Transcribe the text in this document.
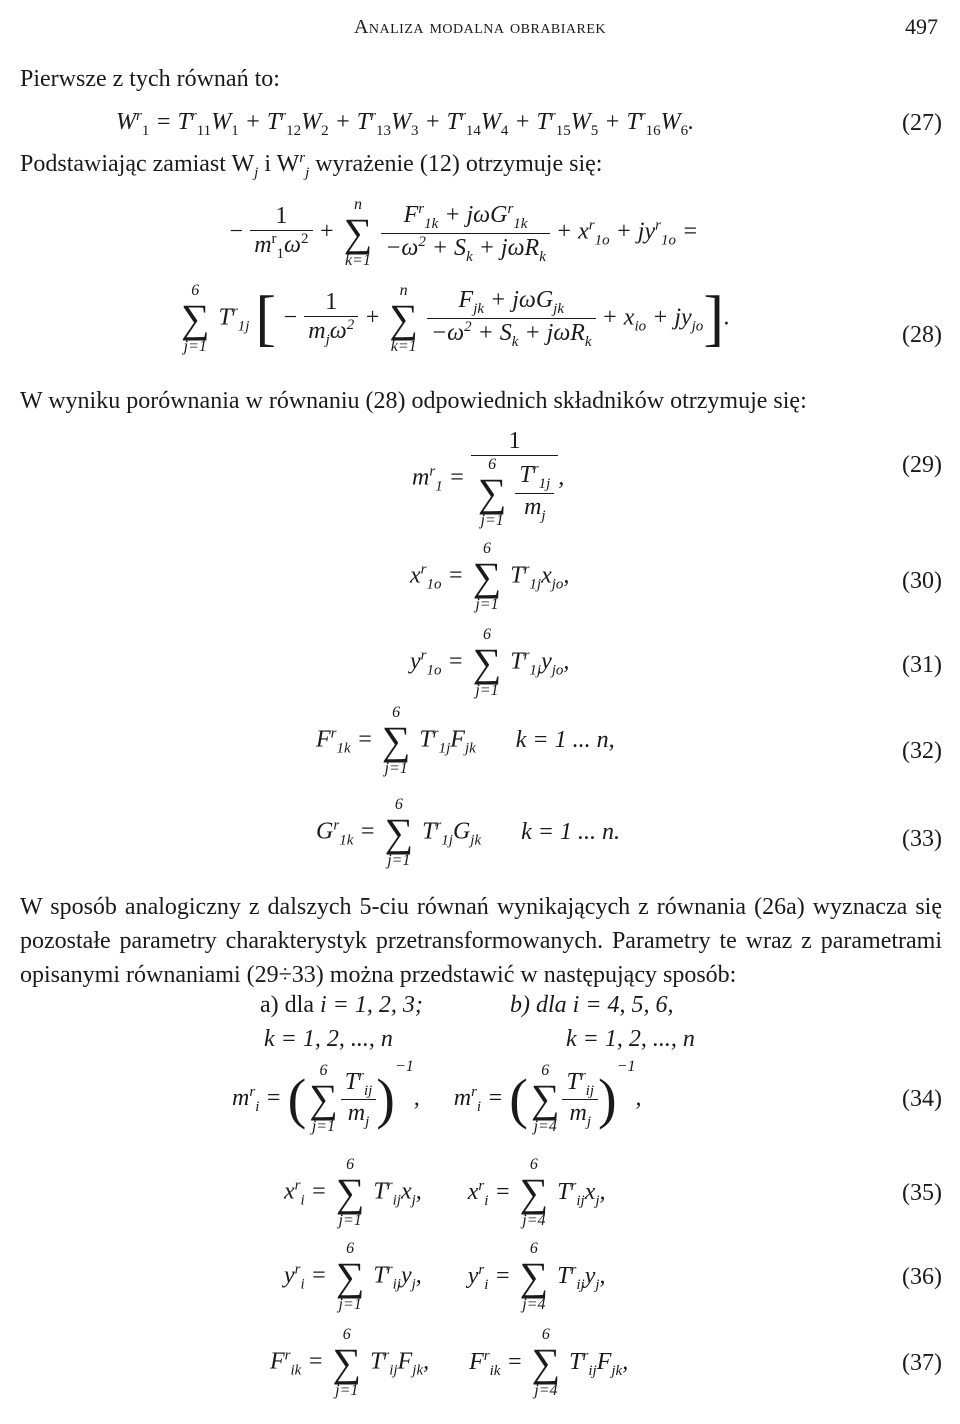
Analiza modalna obrabiarek	497
Pierwsze z tych równań to:
$W^r_1 = T^r_{11}W_1 + T^r_{12}W_2 + T^r_{13}W_3 + T^r_{14}W_4 + T^r_{15}W_5 + T^r_{16}W_6$.	(27)
Podstawiając zamiast $W_j$ i $W^r_j$ wyrażenie (12) otrzymuje się:
− $\frac{1}{m^r_1\omega^2}$ +
n
∑
k=1
$\frac{F^r_{1k} + j\omega G^r_{1k}}{-\omega^2 + S_k + j\omega R_k} + x^r_{1o} + jy^r_{1o}$ =
6
∑
j=1
$T^r_{1j}$ [ − $\frac{1}{m_j\omega^2}$ +
n
∑
k=1
$\frac{F_{jk} + j\omega G_{jk}}{-\omega^2 + S_k + j\omega R_k} + x_{io} + jy_{jo}$].
(28)
W wyniku porównania w równaniu (28) odpowiednich składników otrzymuje się:
$m^r_1 = 1$
6
∑
j=1
$\frac{T^r_{1j}}{m_j}$ ,	(29)
$x^r_{1o}$ =
6
∑
j=1
$T^r_{1j}x_{jo}$,	(30)
$y^r_{1o}$ =
6
∑
j=1
$T^r_{1j}y_{jo}$,	(31)
$F^r_{1k}$ =
6
∑
j=1
$T^r_{1j}F_{jk}$ k = 1 ... n,	(32)
$G^r_{1k}$ =
6
∑
j=1
$T^r_{1j}G_{jk}$ k = 1 ... n.	(33)
W sposób analogiczny z dalszych 5-ciu równań wynikających z równania (26a) wyznacza się pozostałe parametry charakterystyk przetransformowanych. Parametry te wraz z parametrami opisanymi równaniami (29÷33) można przedstawić w następujący sposób:
a) dla i = 1, 2, 3;	b) dla i = 4, 5, 6,
k = 1, 2, ..., n	k = 1, 2, ..., n
$m^r_i$ = ( 6
∑
$j=1 \frac{T^r_{ij}}{m_j} )^{-1}$, $m^r_i$ = ( 6
∑
$j=4 \frac{T^r_{ij}}{m_j} )^{-1}$,	(34)
$x^r_i$ =
6
∑
j=1
$T^r_{ij}x_j$, $x^r_i$ =
6
∑
j=4
$T^r_{ij}x_j$,	(35)
$y^r_i$ =
6
∑
j=1
$T^r_{ij}y_j$, $y^r_i$ =
6
∑
j=4
$T^r_{ij}y_j$,	(36)
$F^r_{ik}$ =
6
∑
j=1
$T^r_{ij}F_{jk}$, $F^r_{ik}$ =
6
∑
j=4
$T^r_{ij}F_{jk}$,	(37)
